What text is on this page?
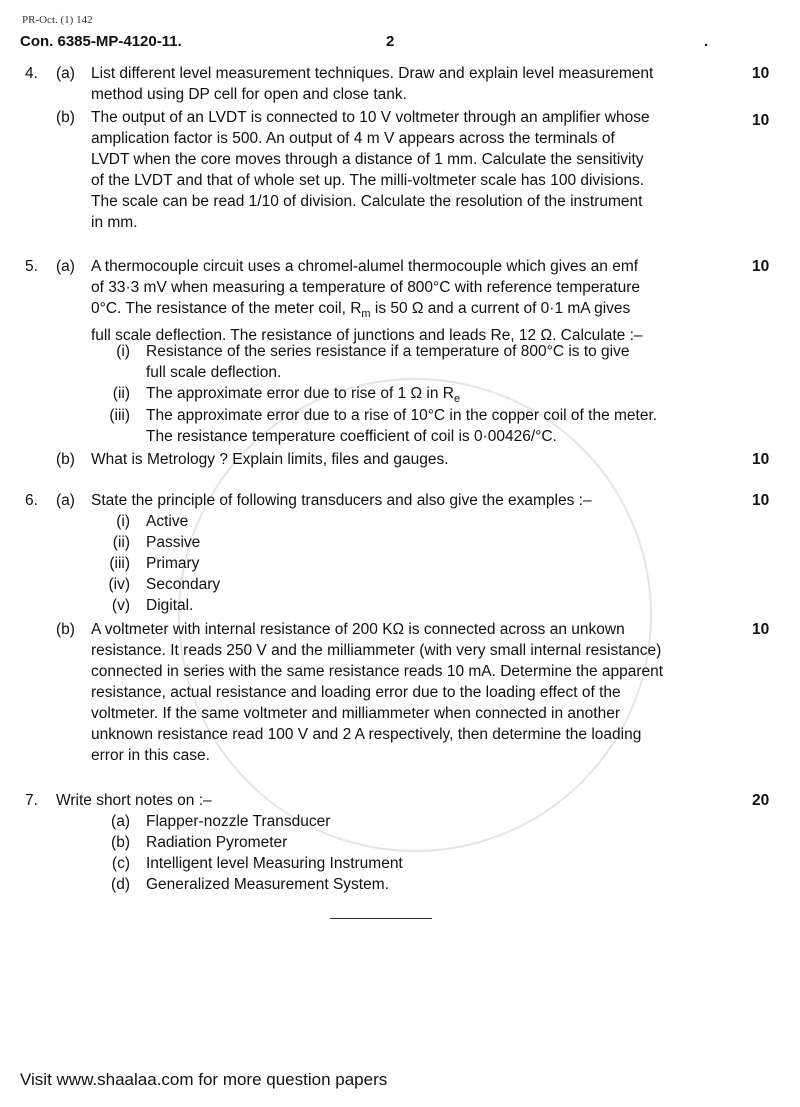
PR-Oct. (1) 142
Con. 6385-MP-4120-11.	2	.
4. (a) List different level measurement techniques. Draw and explain level measurement

method using DP cell for open and close tank.

10
(b) The output of an LVDT is connected to 10 V voltmeter through an amplifier whose

amplication factor is 500. An output of 4 m V appears across the terminals of

LVDT when the core moves through a distance of 1 mm. Calculate the sensitivity

of the LVDT and that of whole set up. The milli-voltmeter scale has 100 divisions.

The scale can be read 1/10 of division. Calculate the resolution of the instrument

in mm.

10
5. (a) A thermocouple circuit uses a chromel-alumel thermocouple which gives an emf

of 33·3 mV when measuring a temperature of 800°C with reference temperature

0°C. The resistance of the meter coil, $R_m$ is 50 Ω and a current of 0·1 mA gives

full scale deflection. The resistance of junctions and leads Re, 12 Ω. Calculate :–

10
(i) Resistance of the series resistance if a temperature of 800°C is to give

full scale deflection.

(ii) The approximate error due to rise of 1 Ω in $R_e$
(iii) The approximate error due to a rise of 10°C in the copper coil of the meter.

The resistance temperature coefficient of coil is 0·00426/°C.

(b) What is Metrology ? Explain limits, files and gauges.	10
6. (a) State the principle of following transducers and also give the examples :–	10
(i) Active
(ii) Passive
(iii) Primary
(iv) Secondary
(v) Digital.
(b) A voltmeter with internal resistance of 200 KΩ is connected across an unkown

resistance. It reads 250 V and the milliammeter (with very small internal resistance)

connected in series with the same resistance reads 10 mA. Determine the apparent

resistance, actual resistance and loading error due to the loading effect of the

voltmeter. If the same voltmeter and milliammeter when connected in another

unknown resistance read 100 V and 2 A respectively, then determine the loading

error in this case.

10
7. Write short notes on :–	20
(a) Flapper-nozzle Transducer
(b) Radiation Pyrometer
(c) Intelligent level Measuring Instrument
(d) Generalized Measurement System.
Visit www.shaalaa.com for more question papers
